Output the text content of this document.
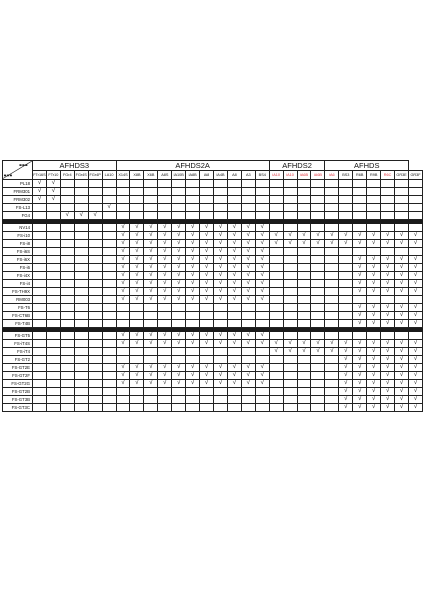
	AFHDS3						AFHDS2A											AFHDS2				AFHDS						
	FTr16S	FTr10	FGr4	FGr4S	FGr4P	LA10	X14S	X8B	X6B	A8S	iA10B	iA8B	iA8	iA4B	A8	A3	BS4	iA10	iA10	iA6B	iA6B	iA6	BS3	R6B	R9B	R6C	GR3E	GR3F
PL18	√	√																										
FRM301	√	√																										
FRM302	√	√																										
FS-L13						√																						
FG4			√	√	√																							

NV14							√	√	√	√	√	√	√	√	√	√	√											
FS-i10							√	√	√	√	√	√	√	√	√	√	√	√	√	√	√	√	√	√	√	√	√	√
FS-i8							√	√	√	√	√	√	√	√	√	√	√	√	√	√	√	√	√	√	√	√	√	√
FS-i6S							√	√	√	√	√	√	√	√	√	√	√											
FS-i6X							√	√	√	√	√	√	√	√	√	√	√							√	√	√	√	√
FS-i6							√	√	√	√	√	√	√	√	√	√	√							√	√	√	√	√
FS-i4X							√	√	√	√	√	√	√	√	√	√	√							√	√	√	√	√
FS-i4							√	√	√	√	√	√	√	√	√	√	√							√	√	√	√	√
FS-TH9X							√	√	√	√	√	√	√	√	√	√	√							√	√	√	√	√
RM003							√	√	√	√	√	√	√	√	√	√	√											
FS-T6																								√	√	√	√	√
FS-CT6B																								√	√	√	√	√
FS-T4B																								√	√	√	√	√

FS-GT5							√	√	√	√	√	√	√	√	√	√	√											
FS-iT4S							√	√	√	√	√	√	√	√	√	√	√	√	√	√	√	√	√	√	√	√	√	√
FS-iT4																		√	√	√	√	√	√	√	√	√	√	√
FS-GT2																							√	√	√	√	√	√
FS-GT2E							√	√	√	√	√	√	√	√	√	√	√						√	√	√	√	√	√
FS-GT2F							√	√	√	√	√	√	√	√	√	√	√						√	√	√	√	√	√
FS-GT2G							√	√	√	√	√	√	√	√	√	√	√						√	√	√	√	√	√
FS-GT2B																							√	√	√	√	√	√
FS-GT3B																							√	√	√	√	√	√
FS-GT3C																							√	√	√	√	√	√
